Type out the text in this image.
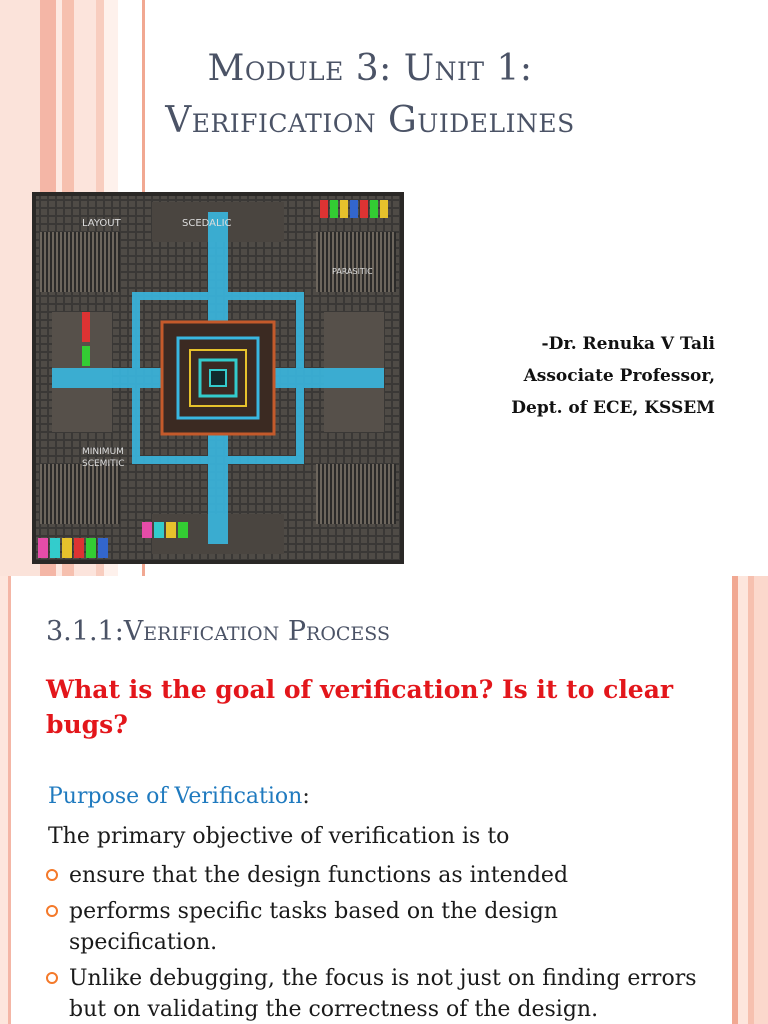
Module 3: Unit 1:
Verification Guidelines
LAYOUT	SCEDALIC
PARASITIC
MINIMUM
SCEMITIC
-Dr. Renuka V Tali
Associate Professor,
Dept. of ECE, KSSEM
3.1.1:Verification Process
What is the goal of verification? Is it to clear bugs?
Purpose of Verification:
The primary objective of verification is to
ensure that the design functions as intended
performs specific tasks based on the design specification.
Unlike debugging, the focus is not just on finding errors but on validating the correctness of the design.
